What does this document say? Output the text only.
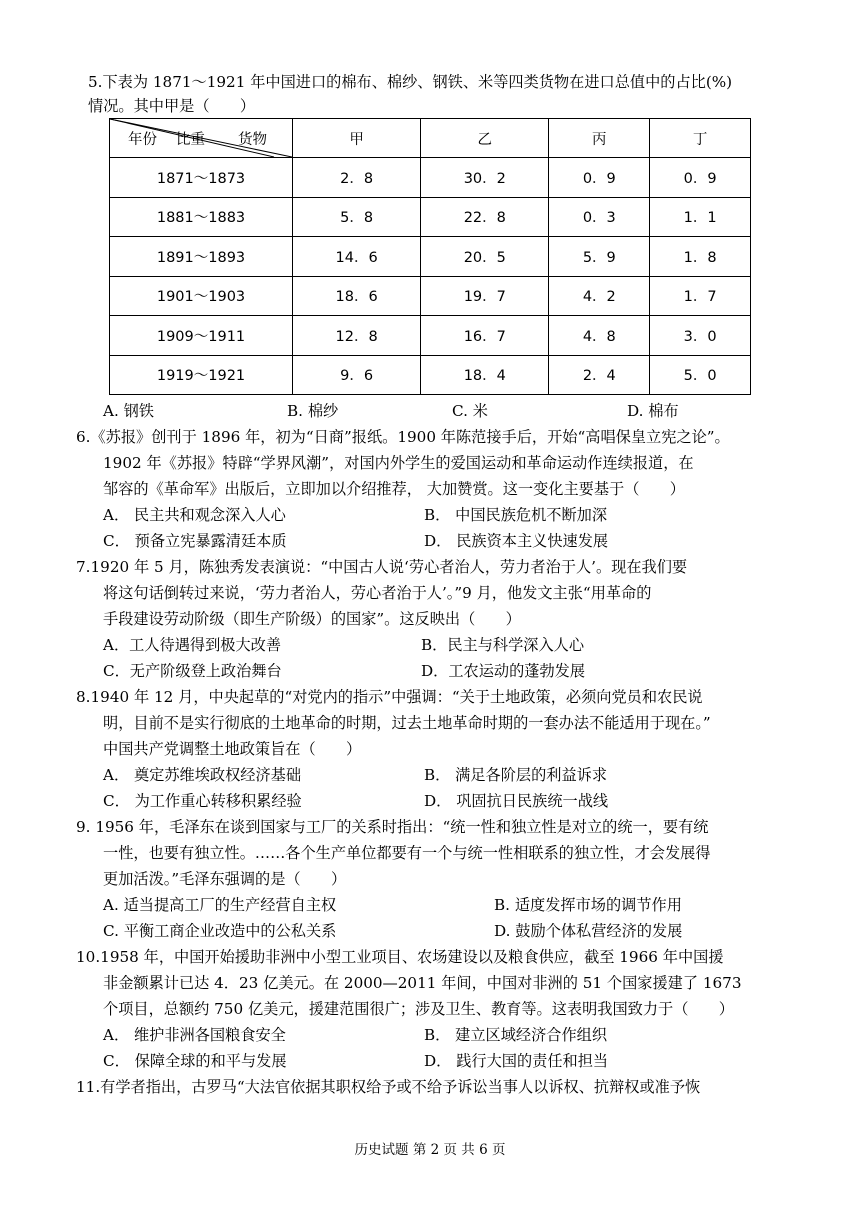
5.下表为 1871～1921 年中国进口的棉布、棉纱、钢铁、米等四类货物在进口总值中的占比(%)
情况。其中甲是（　　）
年份 比重 货物	甲	乙	丙	丁
1871～1873	2．8	30．2	0．9	0．9
1881～1883	5．8	22．8	0．3	1．1
1891～1893	14．6	20．5	5．9	1．8
1901～1903	18．6	19．7	4．2	1．7
1909～1911	12．8	16．7	4．8	3．0
1919～1921	9．6	18．4	2．4	5．0
A. 钢铁	B. 棉纱	C. 米	D. 棉布
6.《苏报》创刊于 1896 年，初为“日商”报纸。1900 年陈范接手后，开始“高唱保皇立宪之论”。
1902 年《苏报》特辟“学界风潮”，对国内外学生的爱国运动和革命运动作连续报道，在
邹容的《革命军》出版后，立即加以介绍推荐， 大加赞赏。这一变化主要基于（　　）
A． 民主共和观念深入人心	B． 中国民族危机不断加深
C． 预备立宪暴露清廷本质	D． 民族资本主义快速发展
7.1920 年 5 月，陈独秀发表演说：“中国古人说‘劳心者治人，劳力者治于人’。现在我们要
将这句话倒转过来说，‘劳力者治人，劳心者治于人’。”9 月，他发文主张“用革命的
手段建设劳动阶级（即生产阶级）的国家”。这反映出（　　）
A．工人待遇得到极大改善	B．民主与科学深入人心
C．无产阶级登上政治舞台	D．工农运动的蓬勃发展
8.1940 年 12 月，中央起草的“对党内的指示”中强调：“关于土地政策，必须向党员和农民说
明，目前不是实行彻底的土地革命的时期，过去土地革命时期的一套办法不能适用于现在。”
中国共产党调整土地政策旨在（　　）
A． 奠定苏维埃政权经济基础	B． 满足各阶层的利益诉求
C． 为工作重心转移积累经验	D． 巩固抗日民族统一战线
9. 1956 年，毛泽东在谈到国家与工厂的关系时指出：“统一性和独立性是对立的统一，要有统
一性，也要有独立性。……各个生产单位都要有一个与统一性相联系的独立性，才会发展得
更加活泼。”毛泽东强调的是（　　）
A. 适当提高工厂的生产经营自主权	B. 适度发挥市场的调节作用
C. 平衡工商企业改造中的公私关系	D. 鼓励个体私营经济的发展
10.1958 年，中国开始援助非洲中小型工业项目、农场建设以及粮食供应，截至 1966 年中国援
非金额累计已达 4．23 亿美元。在 2000—2011 年间，中国对非洲的 51 个国家援建了 1673
个项目，总额约 750 亿美元，援建范围很广；涉及卫生、教育等。这表明我国致力于（　　）
A． 维护非洲各国粮食安全	B． 建立区域经济合作组织
C． 保障全球的和平与发展	D． 践行大国的责任和担当
11.有学者指出，古罗马“大法官依据其职权给予或不给予诉讼当事人以诉权、抗辩权或准予恢
历史试题 第 2 页 共 6 页
